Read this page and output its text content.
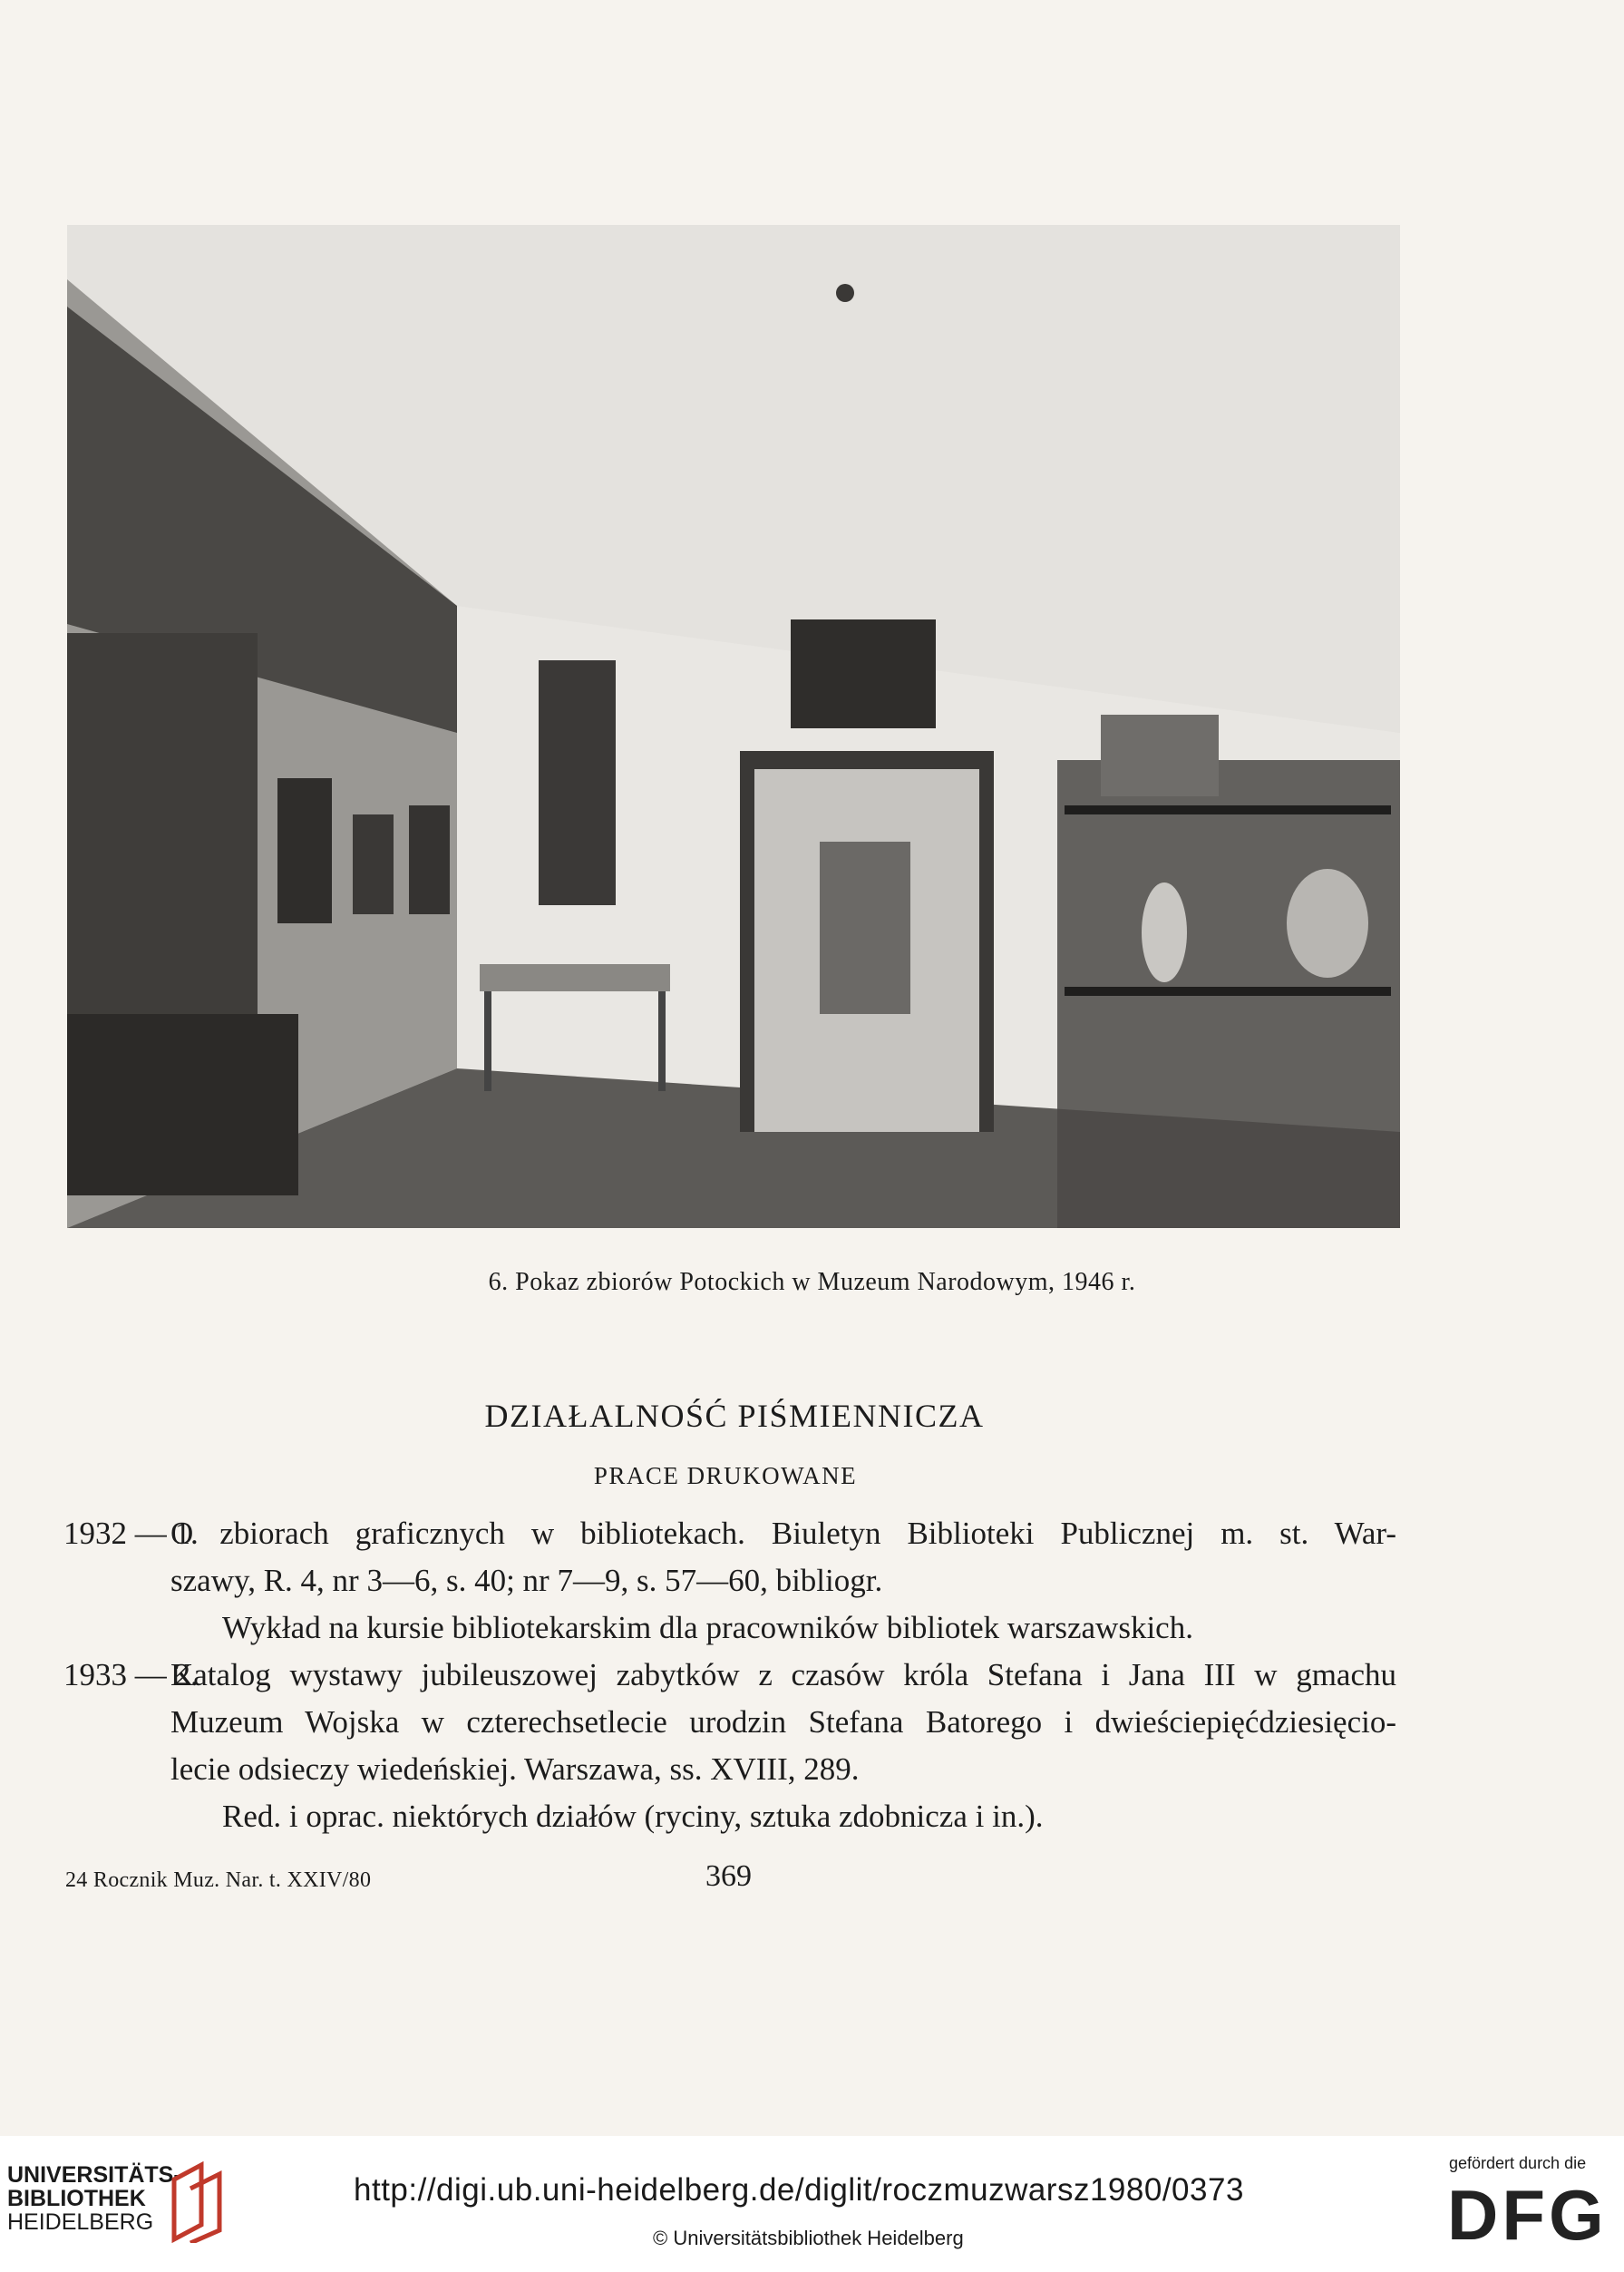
6. Pokaz zbiorów Potockich w Muzeum Narodowym, 1946 r.
DZIAŁALNOŚĆ PIŚMIENNICZA
PRACE DRUKOWANE
1932 — 1.
O zbiorach graficznych w bibliotekach. Biuletyn Biblioteki Publicznej m. st. War-
szawy, R. 4, nr 3—6, s. 40; nr 7—9, s. 57—60, bibliogr.
Wykład na kursie bibliotekarskim dla pracowników bibliotek warszawskich.
1933 — 2.
Katalog wystawy jubileuszowej zabytków z czasów króla Stefana i Jana III w gmachu
Muzeum Wojska w czterechsetlecie urodzin Stefana Batorego i dwieściepięćdziesięcio-
lecie odsieczy wiedeńskiej. Warszawa, ss. XVIII, 289.
Red. i oprac. niektórych działów (ryciny, sztuka zdobnicza i in.).
24 Rocznik Muz. Nar. t. XXIV/80	369
UNIVERSITÄTS-
BIBLIOTHEK
HEIDELBERG
http://digi.ub.uni-heidelberg.de/diglit/roczmuzwarsz1980/0373
© Universitätsbibliothek Heidelberg
gefördert durch die
DFG
